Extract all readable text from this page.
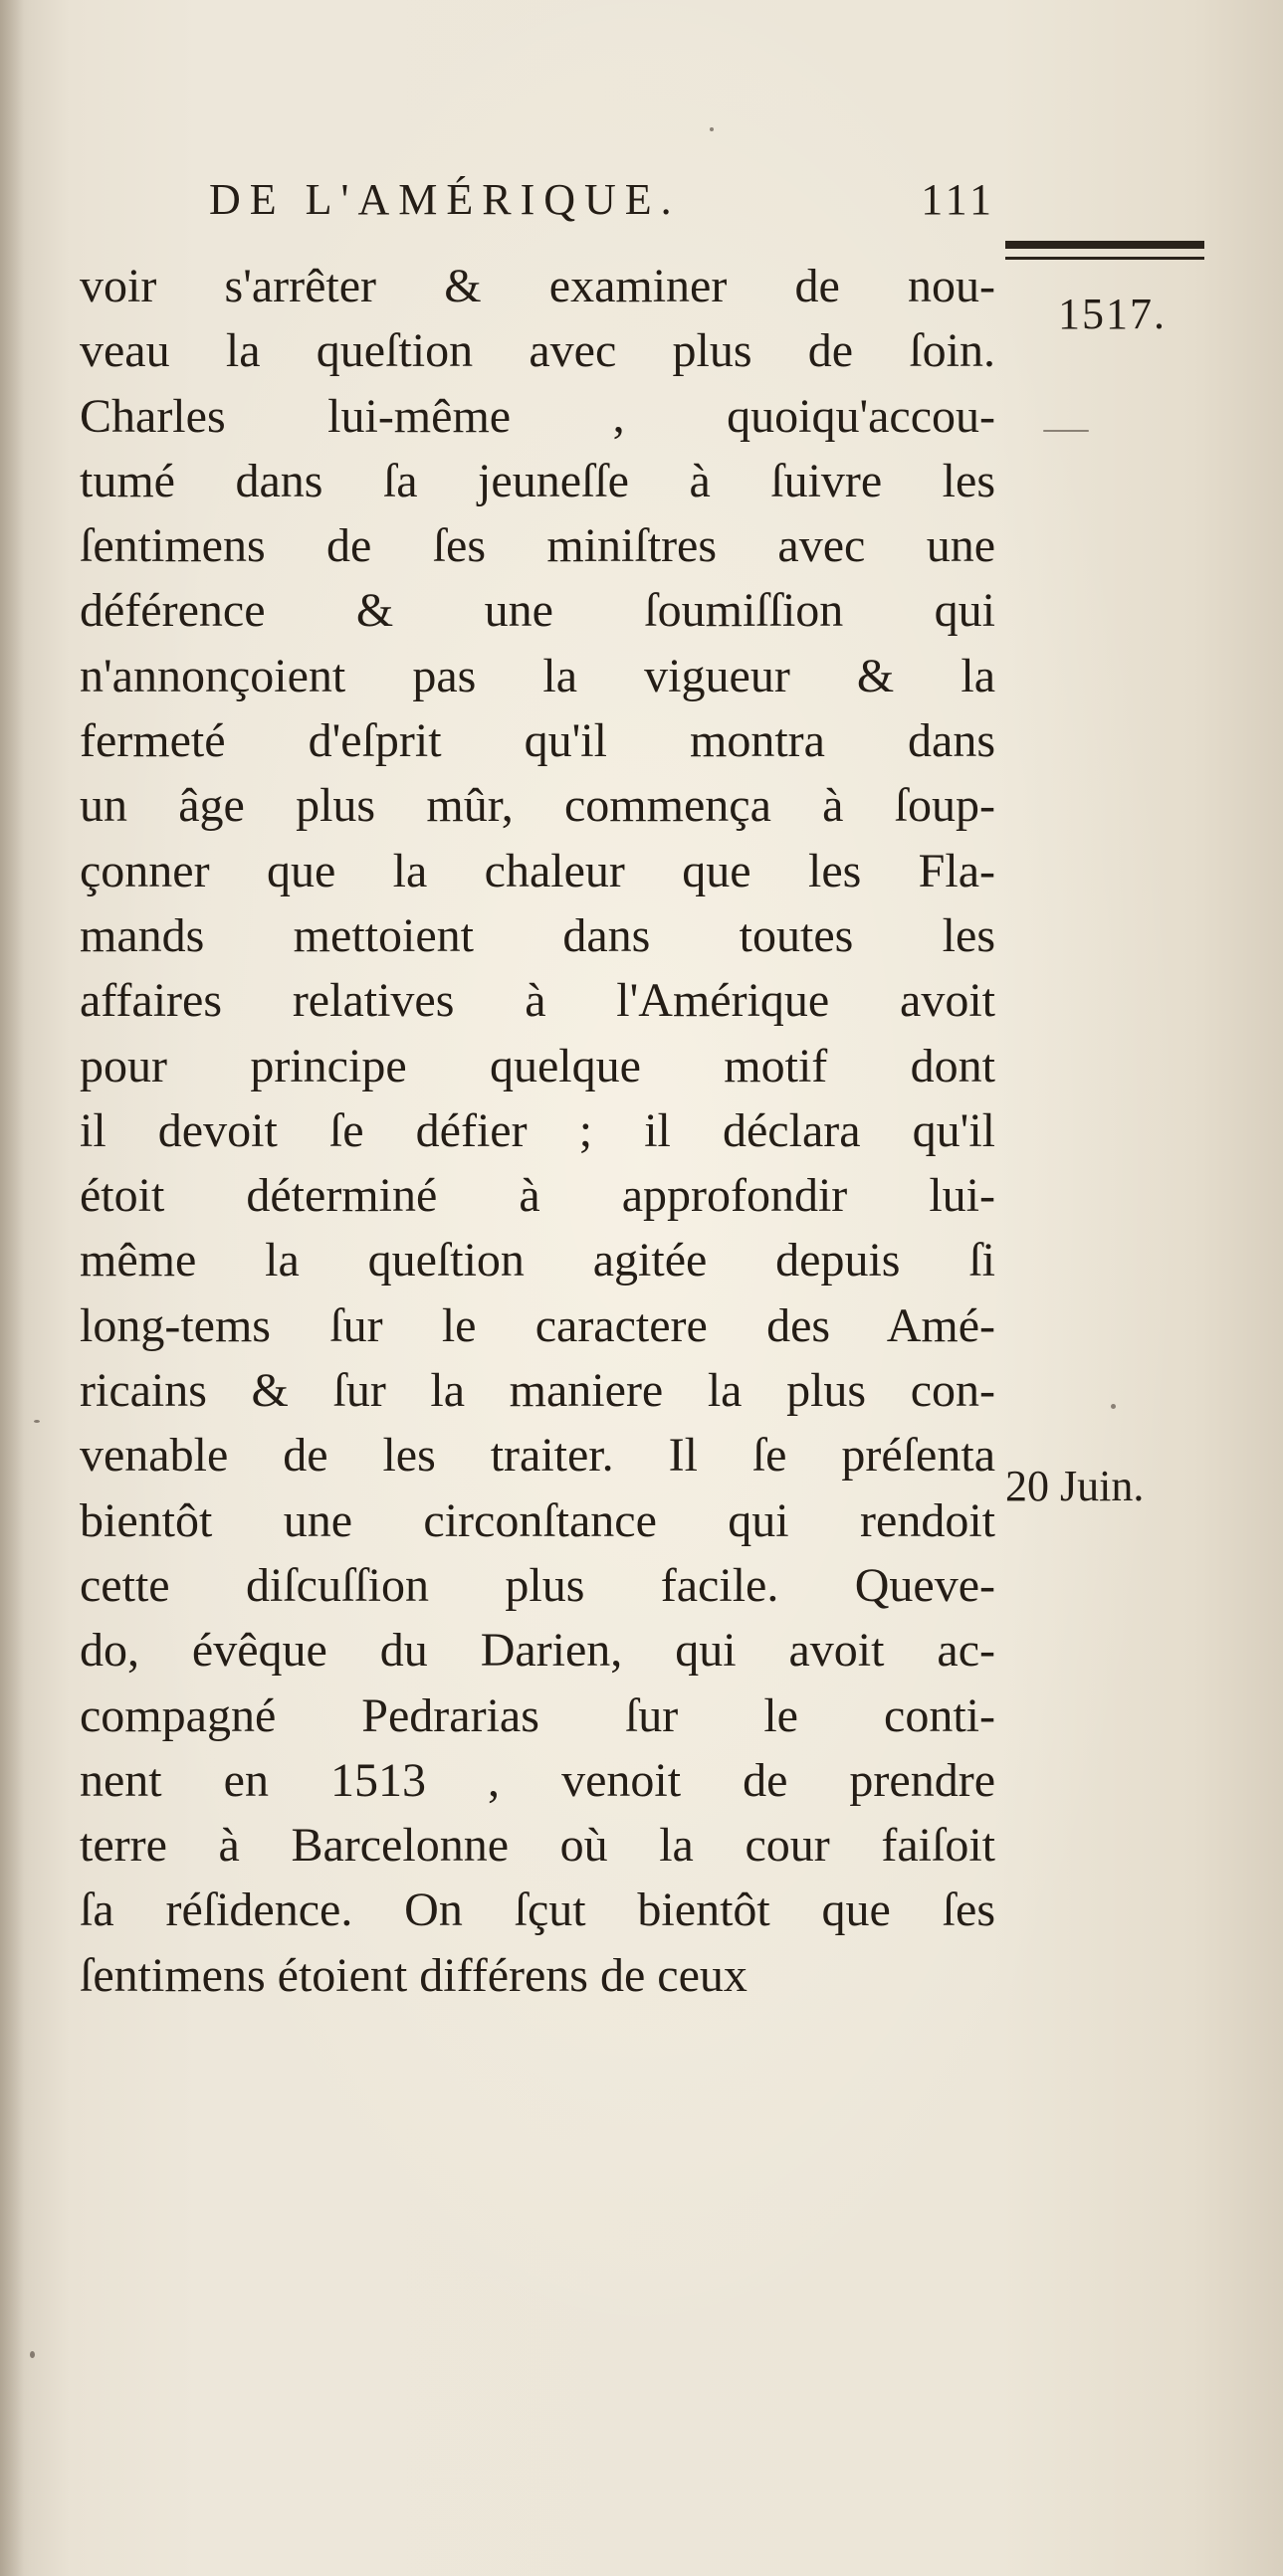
DE L'AMÉRIQUE.	111
1517.
20 Juin.
voir s'arrêter & examiner de nou-
veau la queſtion avec plus de ſoin.
Charles lui-même , quoiqu'accou-
tumé dans ſa jeuneſſe à ſuivre les
ſentimens de ſes miniſtres avec une
déférence & une ſoumiſſion qui
n'annonçoient pas la vigueur & la
fermeté d'eſprit qu'il montra dans
un âge plus mûr, commença à ſoup-
çonner que la chaleur que les Fla-
mands mettoient dans toutes les
affaires relatives à l'Amérique avoit
pour principe quelque motif dont
il devoit ſe défier ; il déclara qu'il
étoit déterminé à approfondir lui-
même la queſtion agitée depuis ſi
long-tems ſur le caractere des Amé-
ricains & ſur la maniere la plus con-
venable de les traiter. Il ſe préſenta
bientôt une circonſtance qui rendoit
cette diſcuſſion plus facile. Queve-
do, évêque du Darien, qui avoit ac-
compagné Pedrarias ſur le conti-
nent en 1513 , venoit de prendre
terre à Barcelonne où la cour faiſoit
ſa réſidence. On ſçut bientôt que ſes
ſentimens étoient différens de ceux
